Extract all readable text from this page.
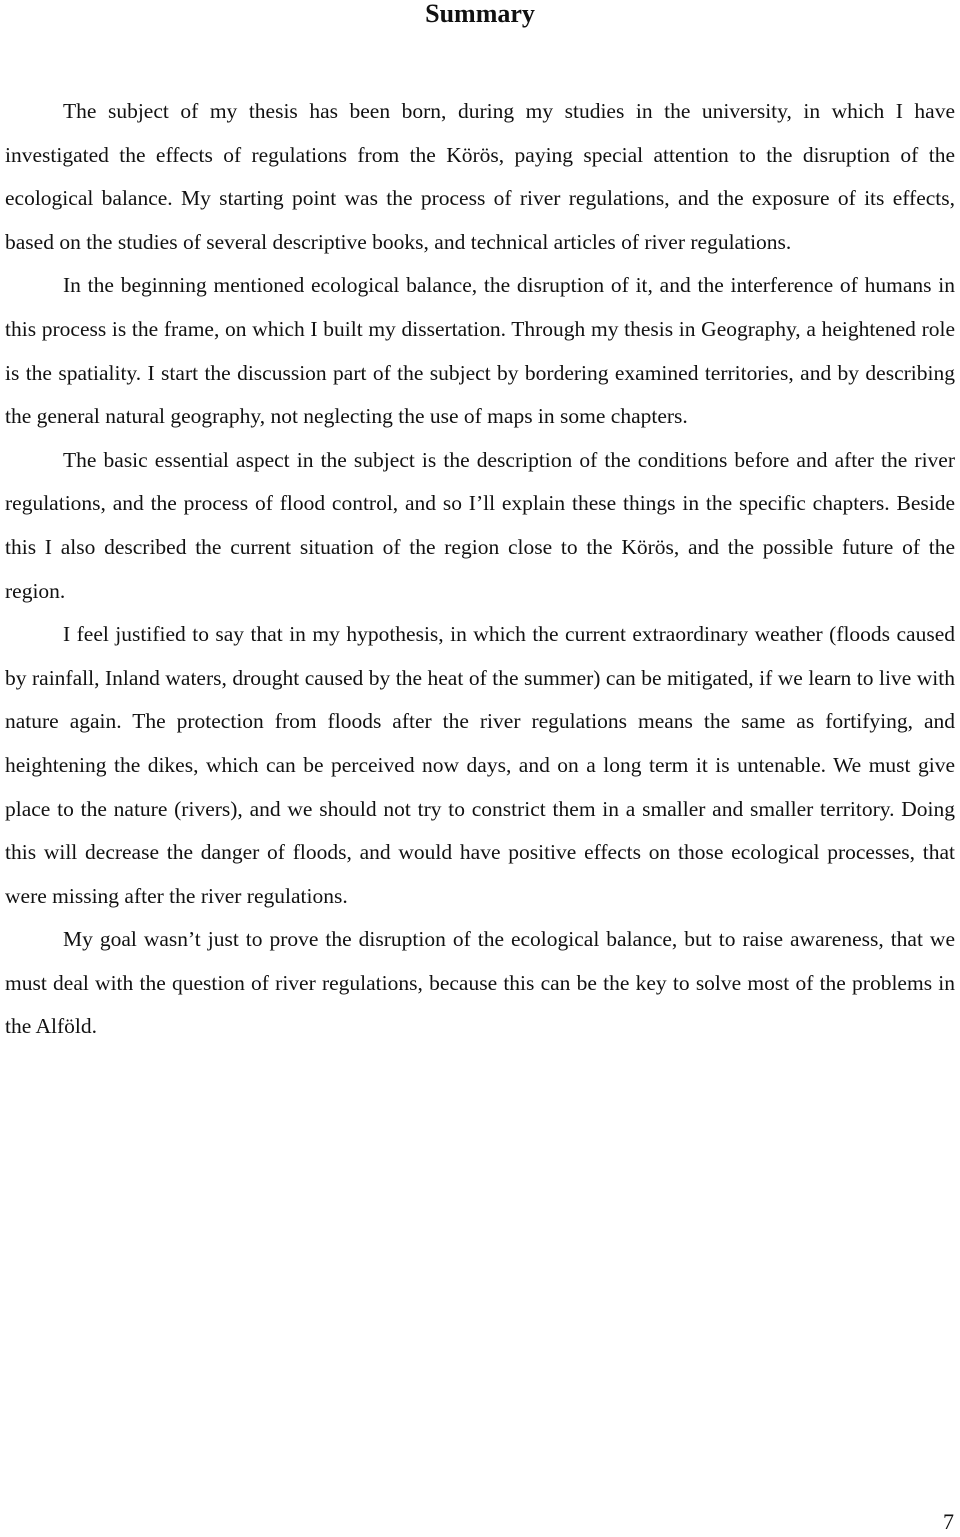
Summary

The subject of my thesis has been born, during my studies in the university, in which I have investigated the effects of regulations from the Körös, paying special attention to the disruption of the ecological balance. My starting point was the process of river regulations, and the exposure of its effects, based on the studies of several descriptive books, and technical articles of river regulations.

In the beginning mentioned ecological balance, the disruption of it, and the interference of humans in this process is the frame, on which I built my dissertation. Through my thesis in Geography, a heightened role is the spatiality. I start the discussion part of the subject by bordering examined territories, and by describing the general natural geography, not neglecting the use of maps in some chapters.

The basic essential aspect in the subject is the description of the conditions before and after the river regulations, and the process of flood control, and so I’ll explain these things in the specific chapters. Beside this I also described the current situation of the region close to the Körös, and the possible future of the region.

I feel justified to say that in my hypothesis, in which the current extraordinary weather (floods caused by rainfall, Inland waters, drought caused by the heat of the summer) can be mitigated, if we learn to live with nature again. The protection from floods after the river regulations means the same as fortifying, and heightening the dikes, which can be perceived now days, and on a long term it is untenable. We must give place to the nature (rivers), and we should not try to constrict them in a smaller and smaller territory. Doing this will decrease the danger of floods, and would have positive effects on those ecological processes, that were missing after the river regulations.

My goal wasn’t just to prove the disruption of the ecological balance, but to raise awareness, that we must deal with the question of river regulations, because this can be the key to solve most of the problems in the Alföld.

7
